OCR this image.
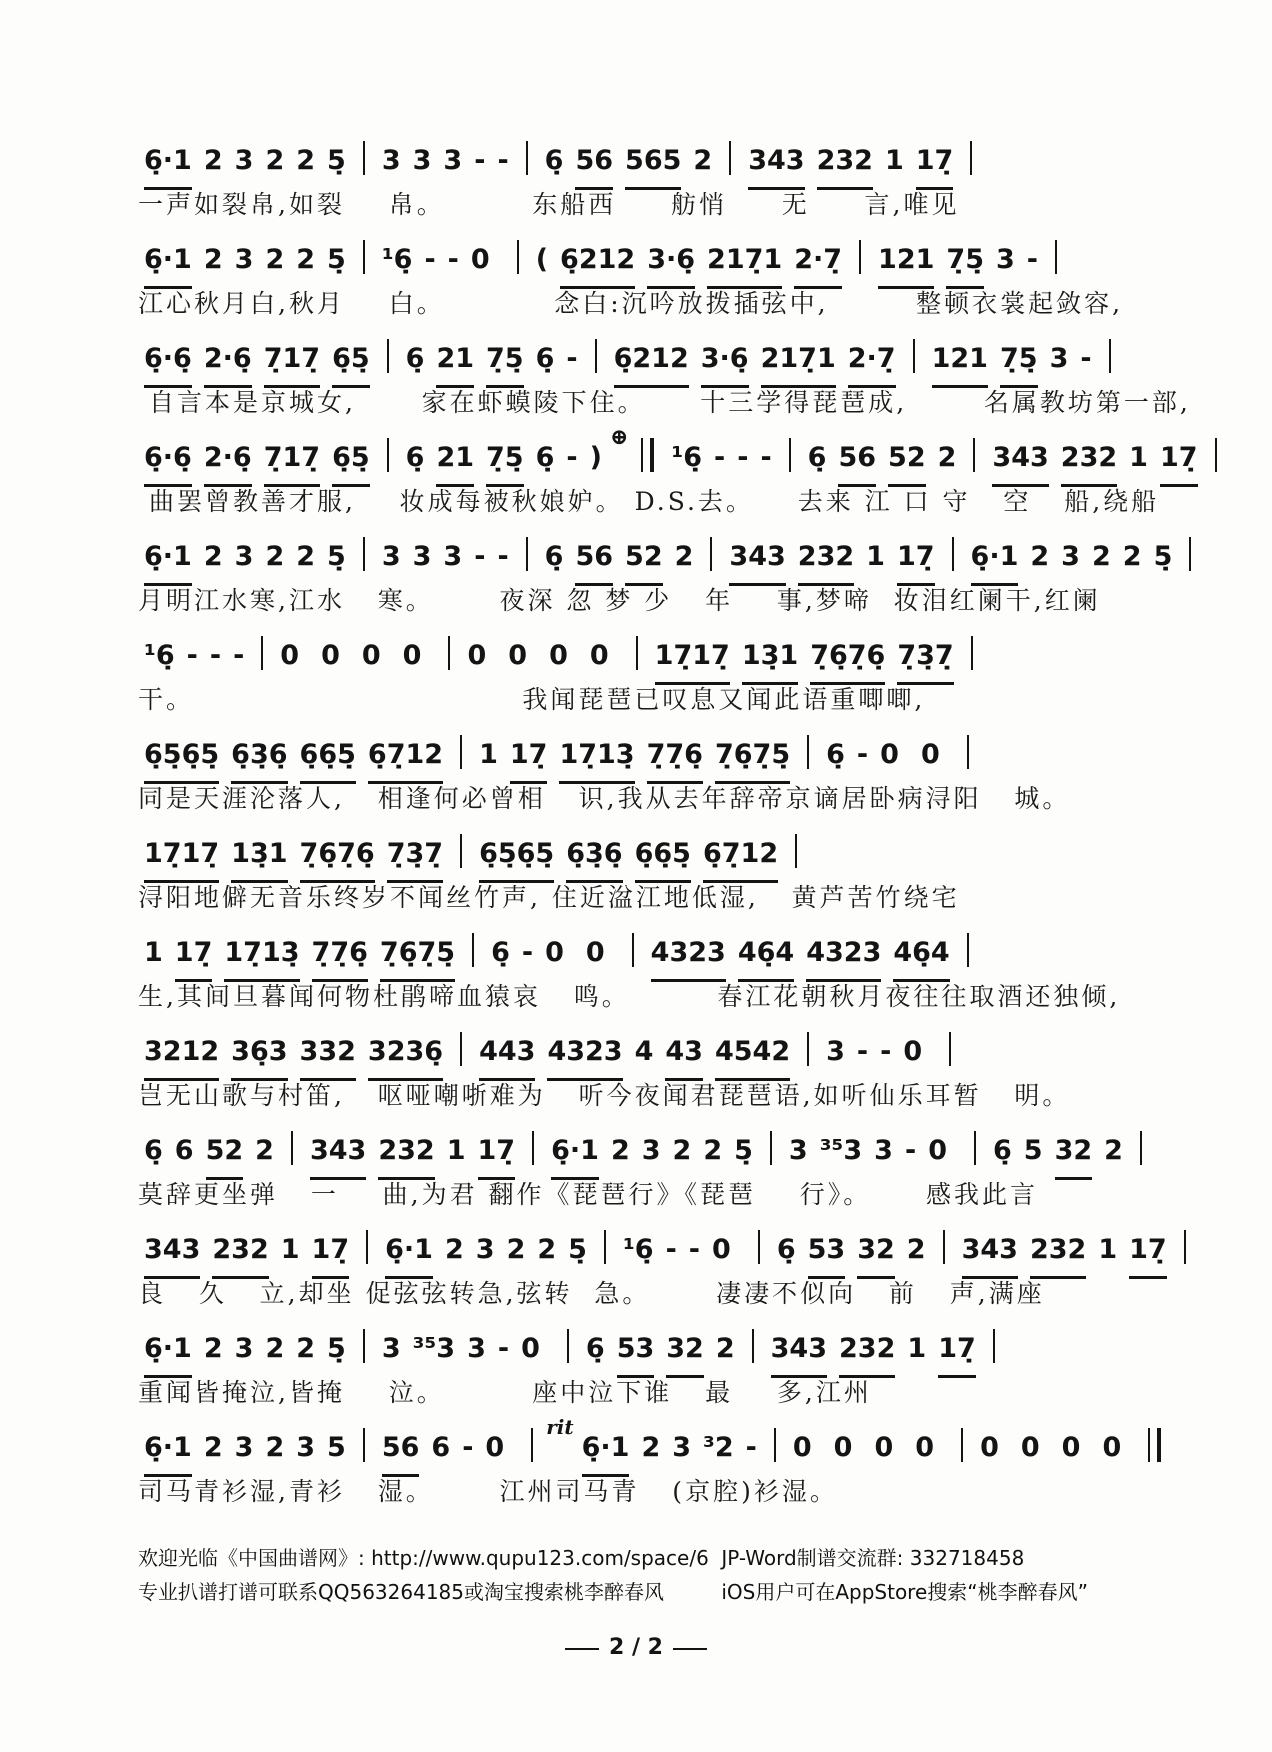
6̣·1 2 3 2 2 5̣ 3 3 3 - - 6̣ 56 565 2 343 232 1 17̣
一声如裂帛,如裂    帛。        东船西     舫悄     无     言,唯见
6̣·1 2 3 2 2 5̣ ¹6̣ - - 0 ( 6̣212 3·6̣ 217̣1 2·7̣ 121 7̣5̣ 3 -
江心秋月白,秋月    白。          念白:沉吟放拨插弦中,        整顿衣裳起敛容,
6̣·6̣ 2·6̣ 7̣17̣ 6̣5̣ 6̣ 21 7̣5̣ 6̣ - 6̣212 3·6̣ 217̣1 2·7̣ 121 7̣5̣ 3 -
自言本是京城女,      家在虾蟆陵下住。     十三学得琵琶成,       名属教坊第一部,
6̣·6̣ 2·6̣ 7̣17̣ 6̣5̣ 6̣ 21 7̣5̣ 6̣ - )⊕¹6̣ - - - 6̣ 56 52 2 343 232 1 17̣
曲罢曾教善才服,    妆成每被秋娘妒。 D.S.去。    去来 江 口 守   空   船,绕船
6̣·1 2 3 2 2 5̣ 3 3 3 - - 6̣ 56 52 2 343 232 1 17̣ 6̣·1 2 3 2 2 5̣
月明江水寒,江水   寒。      夜深 忽 梦 少   年    事,梦啼  妆泪红阑干,红阑
¹6̣ - - - 0 0 0 0 0 0 0 0 17̣17̣ 13̣1 7̣6̣7̣6̣ 7̣3̣7̣
干。                              我闻琵琶已叹息又闻此语重唧唧,
6̣5̣6̣5̣ 6̣3̣6̣ 6̣6̣5̣ 6̣7̣12 1 17̣ 17̣13̣ 7̣7̣6̣ 7̣6̣7̣5̣ 6̣ - 0 0
同是天涯沦落人,   相逢何必曾相   识,我从去年辞帝京谪居卧病浔阳   城。
17̣17̣ 13̣1 7̣6̣7̣6̣ 7̣3̣7̣ 6̣5̣6̣5̣ 6̣3̣6̣ 6̣6̣5̣ 6̣7̣12
浔阳地僻无音乐终岁不闻丝竹声, 住近湓江地低湿,   黄芦苦竹绕宅
1 17̣ 17̣13̣ 7̣7̣6̣ 7̣6̣7̣5̣ 6̣ - 0 0 4323 46̣4 4323 46̣4
生,其间旦暮闻何物杜鹃啼血猿哀   鸣。        春江花朝秋月夜往往取酒还独倾,
3212 36̣3 332 3236̣ 443 4323 4 43 4542 3 - - 0
岂无山歌与村笛,   呕哑嘲哳难为   听今夜闻君琵琶语,如听仙乐耳暂   明。
6̣ 6 52 2 343 232 1 17̣ 6̣·1 2 3 2 2 5̣ 3 ³⁵3 3 - 0 6̣ 5 32 2
莫辞更坐弹   一    曲,为君 翻作《琵琶行》《琵琶    行》。     感我此言
343 232 1 17̣ 6̣·1 2 3 2 2 5̣ ¹6̣ - - 0 6̣ 53 32 2 343 232 1 17̣
良   久   立,却坐 促弦弦转急,弦转  急。      凄凄不似向   前   声,满座
6̣·1 2 3 2 2 5̣ 3 ³⁵3 3 - 0 6̣ 53 32 2 343 232 1 17̣
重闻皆掩泣,皆掩    泣。        座中泣下谁   最    多,江州
6̣·1 2 3 2 3 5 56 6 - 0rit6̣·1 2 3 ³2 - 0 0 0 0 0 0 0 0
司马青衫湿,青衫   湿。      江州司马青   (京腔)衫湿。
欢迎光临《中国曲谱网》: http://www.qupu123.com/space/6
专业扒谱打谱可联系QQ563264185或淘宝搜索桃李醉春风
JP-Word制谱交流群: 332718458
iOS用户可在AppStore搜索“桃李醉春风”
2 / 2
